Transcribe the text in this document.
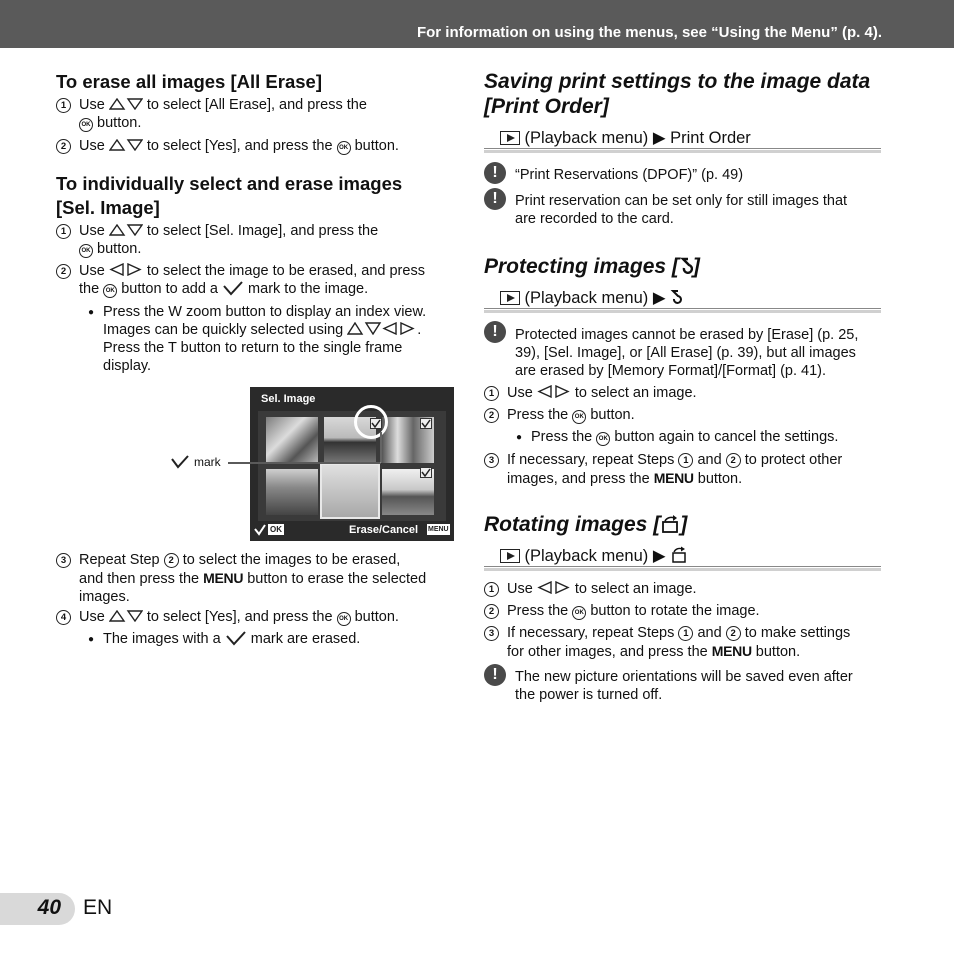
For information on using the menus, see “Using the Menu” (p. 4).
To erase all images [All Erase]
1 Use	to select [All Erase], and press the
OK button.
2 Use	to select [Yes], and press the OK button.
To individually select and erase images
[Sel. Image]
1 Use	to select [Sel. Image], and press the
OK button.
2 Use	to select the image to be erased, and press
the OK button to add a mark to the image.
● Press the W zoom button to display an index view.
Images can be quickly selected using	.
Press the T button to return to the single frame
display.
Sel. Image
OK	Erase/Cancel MENU
mark
3 Repeat Step 2 to select the images to be erased,
and then press the MENU button to erase the selected
images.
4 Use	to select [Yes], and press the OK button.
● The images with a mark are erased.
Saving print settings to the image data
[Print Order]
(Playback menu) ▶ Print Order
!	“Print Reservations (DPOF)” (p. 49)
!	Print reservation can be set only for still images that
are recorded to the card.
Protecting images [ ]
(Playback menu) ▶
!	Protected images cannot be erased by [Erase] (p. 25,
39), [Sel. Image], or [All Erase] (p. 39), but all images
are erased by [Memory Format]/[Format] (p. 41).
1 Use	to select an image.
2 Press the OK button.
● Press the OK button again to cancel the settings.
3 If necessary, repeat Steps 1 and 2 to protect other
images, and press the MENU button.
Rotating images [ ]
(Playback menu) ▶
1 Use	to select an image.
2 Press the OK button to rotate the image.
3 If necessary, repeat Steps 1 and 2 to make settings
for other images, and press the MENU button.
!	The new picture orientations will be saved even after
the power is turned off.
40 EN
